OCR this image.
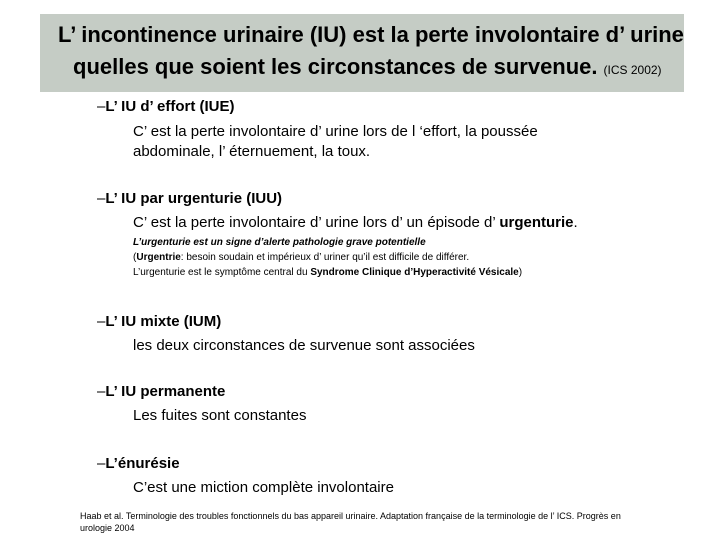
L’ incontinence urinaire (IU) est la perte involontaire d’ urine
quelles que soient les circonstances de survenue. (ICS 2002)
–L’ IU d’ effort (IUE)
C’ est la perte involontaire d’ urine lors de l ‘effort, la poussée
abdominale, l’ éternuement, la toux.
–L’ IU par urgenturie (IUU)
C’ est la perte involontaire d’ urine lors d’ un épisode d’ urgenturie.
L’urgenturie est un signe d’alerte pathologie grave potentielle
(Urgentrie: besoin soudain et impérieux d’ uriner qu’il est difficile de différer.
L’urgenturie est le symptôme central du Syndrome Clinique d’Hyperactivité Vésicale)
–L’ IU mixte (IUM)
les deux circonstances de survenue sont associées
–L’ IU permanente
Les fuites sont constantes
–L’énurésie
C’est une miction complète involontaire
Haab et al. Terminologie des troubles fonctionnels du bas appareil urinaire. Adaptation française de la terminologie de l’ ICS. Progrès en
urologie 2004
